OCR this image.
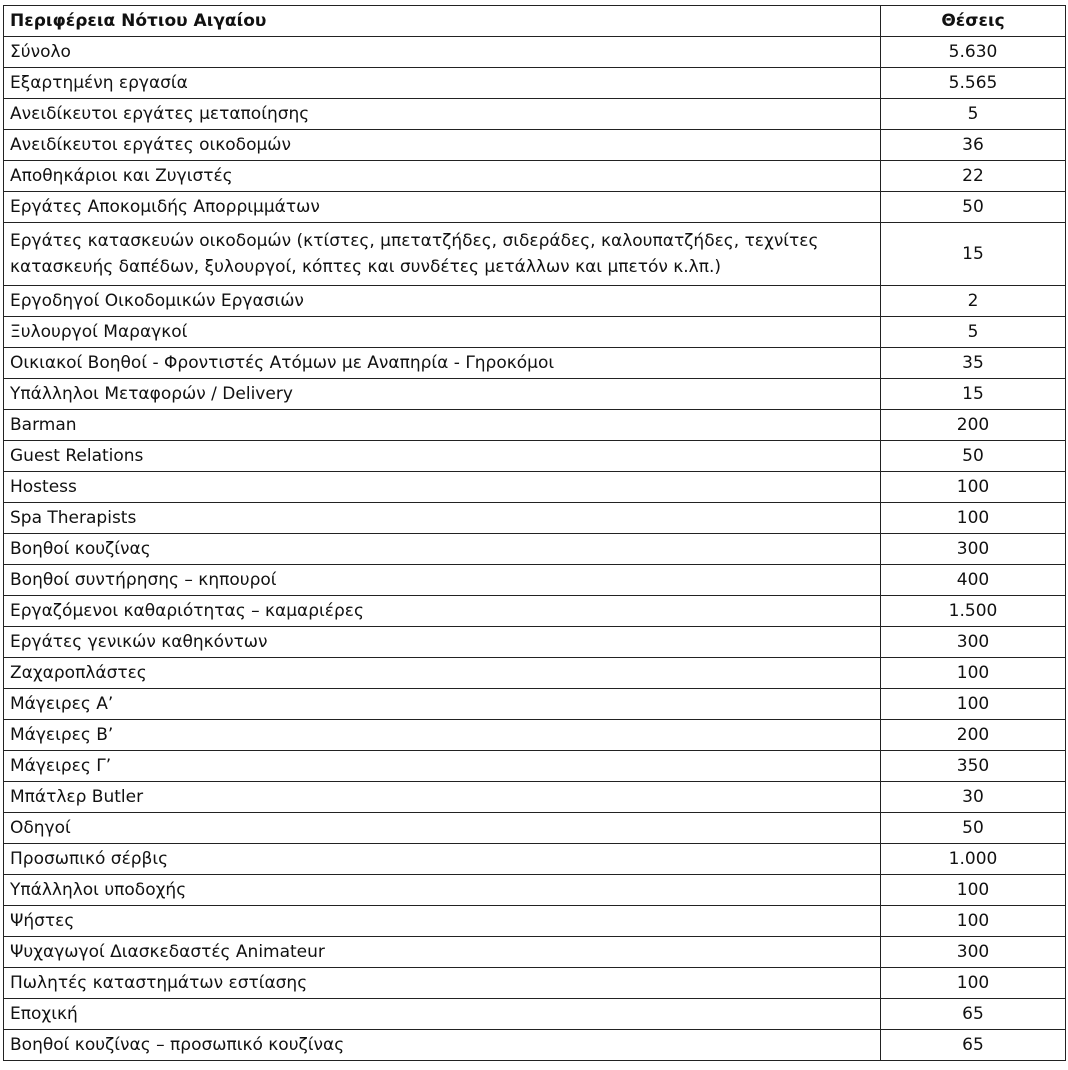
Περιφέρεια Νότιου Αιγαίου	Θέσεις
Σύνολο	5.630
Εξαρτημένη εργασία	5.565
Ανειδίκευτοι εργάτες μεταποίησης	5
Ανειδίκευτοι εργάτες οικοδομών	36
Αποθηκάριοι και Ζυγιστές	22
Εργάτες Αποκομιδής Απορριμμάτων	50
Εργάτες κατασκευών οικοδομών (κτίστες, μπετατζήδες, σιδεράδες, καλουπατζήδες, τεχνίτες κατασκευής δαπέδων, ξυλουργοί, κόπτες και συνδέτες μετάλλων και μπετόν κ.λπ.)	15
Εργοδηγοί Οικοδομικών Εργασιών	2
Ξυλουργοί Μαραγκοί	5
Οικιακοί Βοηθοί - Φροντιστές Ατόμων με Αναπηρία - Γηροκόμοι	35
Υπάλληλοι Μεταφορών / Delivery	15
Barman	200
Guest Relations	50
Hostess	100
Spa Therapists	100
Βοηθοί κουζίνας	300
Βοηθοί συντήρησης – κηπουροί	400
Εργαζόμενοι καθαριότητας – καμαριέρες	1.500
Εργάτες γενικών καθηκόντων	300
Ζαχαροπλάστες	100
Μάγειρες Α’	100
Μάγειρες Β’	200
Μάγειρες Γ’	350
Μπάτλερ Butler	30
Οδηγοί	50
Προσωπικό σέρβις	1.000
Υπάλληλοι υποδοχής	100
Ψήστες	100
Ψυχαγωγοί Διασκεδαστές Animateur	300
Πωλητές καταστημάτων εστίασης	100
Εποχική	65
Βοηθοί κουζίνας – προσωπικό κουζίνας	65
